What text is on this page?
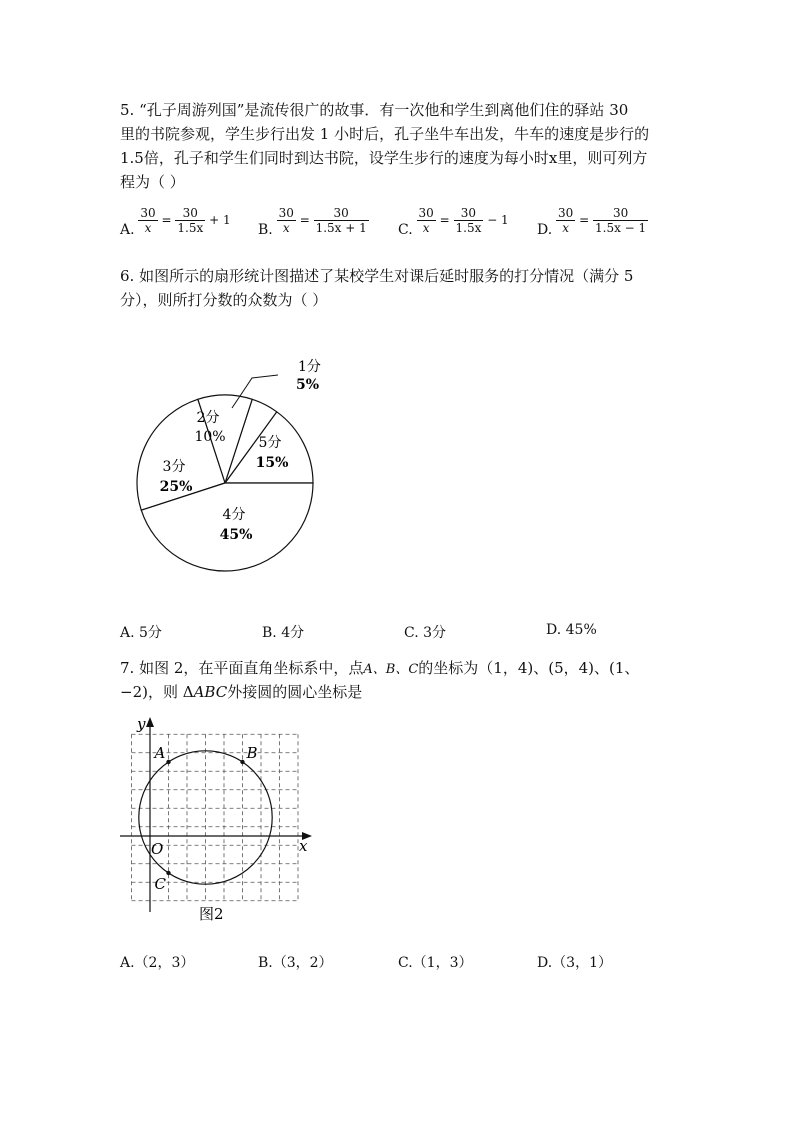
5. “孔子周游列国”是流传很广的故事．有一次他和学生到离他们住的驿站 30
里的书院参观，学生步行出发 1 小时后，孔子坐牛车出发，牛车的速度是步行的
1.5倍，孔子和学生们同时到达书院，设学生步行的速度为每小时x里，则可列方
程为（ ）
A. $\frac{30}{x} = \frac{30}{1.5x} + 1$
B. $\frac{30}{x} = \frac{30}{1.5x + 1} C$. $\frac{30}{x} = \frac{30}{1.5x} - 1$
D. $\frac{30}{x} = \frac{30}{1.5x - 1}$
6. 如图所示的扇形统计图描述了某校学生对课后延时服务的打分情况（满分 5
分），则所打分数的众数为（ ）
1分
5%
2分
10%
3分
25%
4分
45%
5分
15%
A. 5分	B. 4分	C. 3分	D. 45%
7. 如图 2，在平面直角坐标系中，点A、B、C的坐标为（1，4)、(5，4)、(1、
−2)，则 ΔABC外接圆的圆心坐标是
A	B
C
x
y
O
图2
A.（2，3）	B.（3，2）	C.（1，3）	D.（3，1）
